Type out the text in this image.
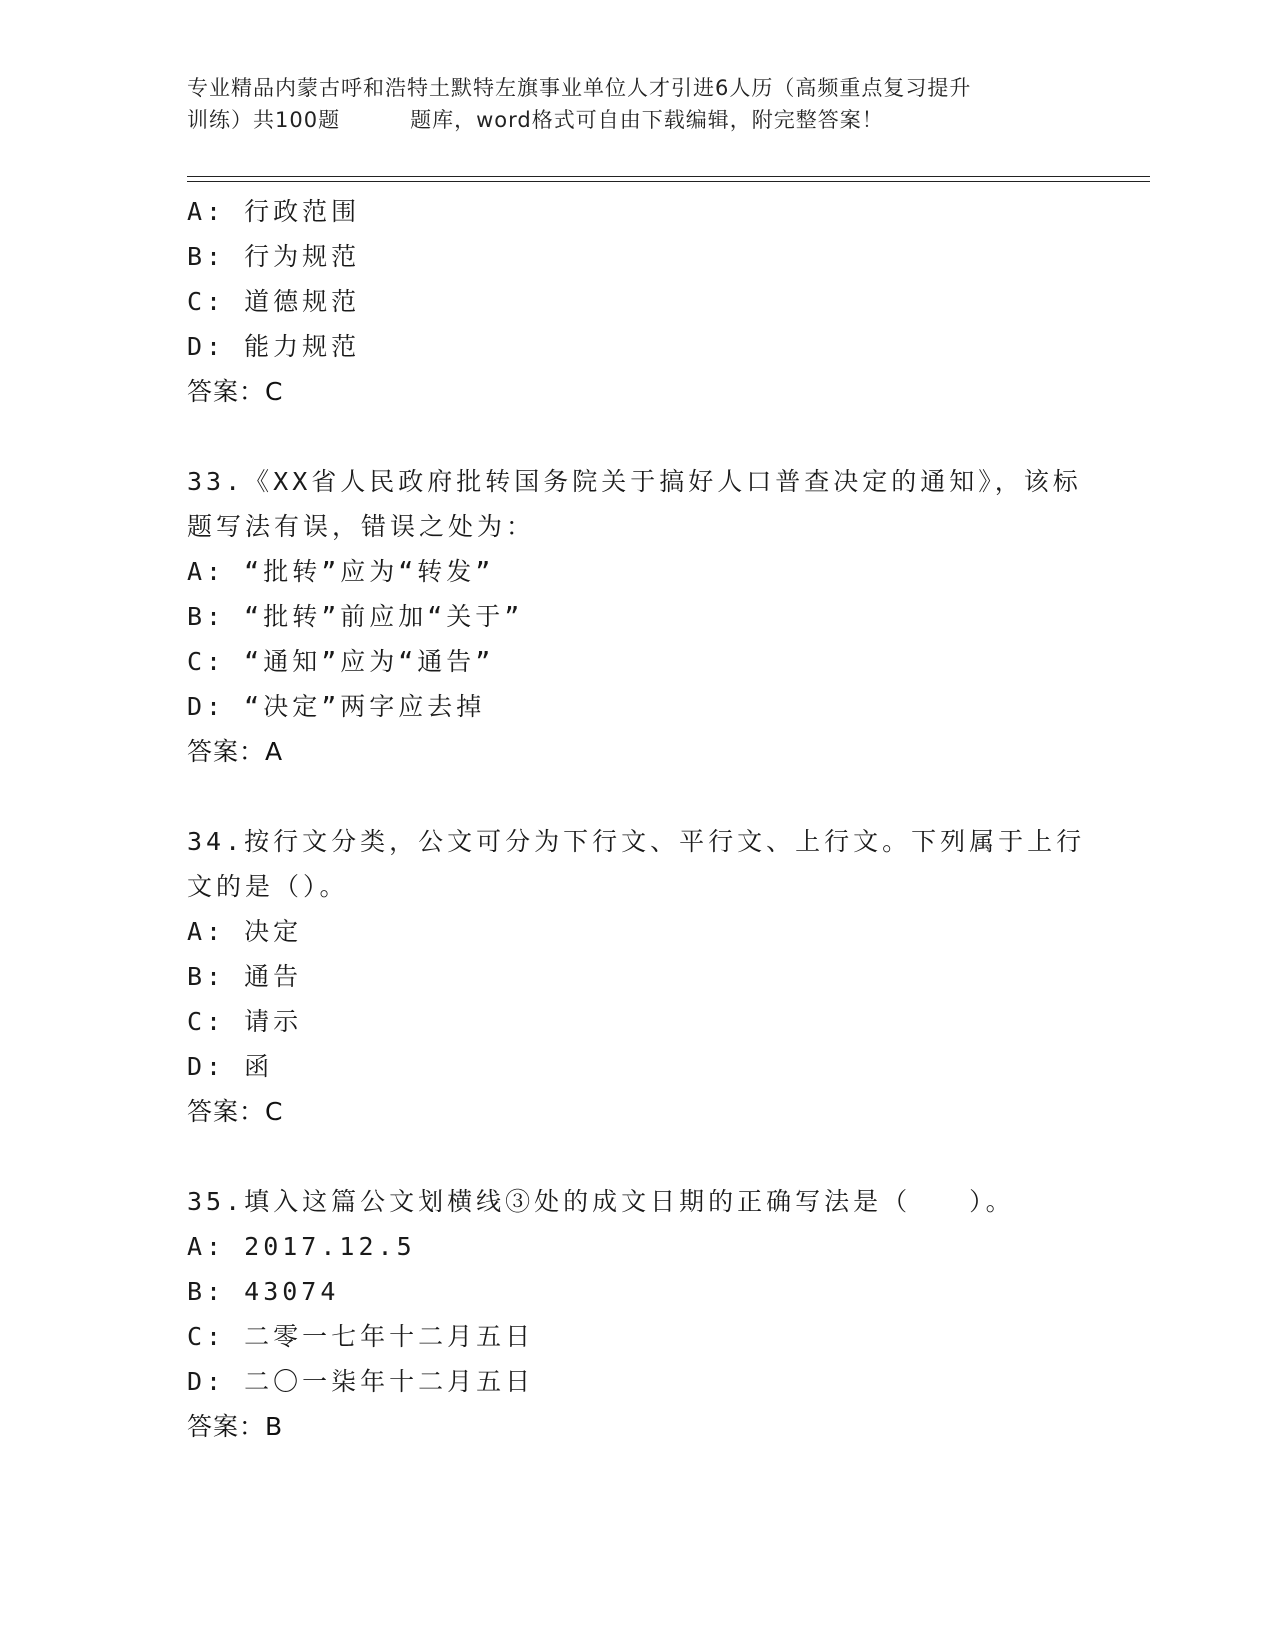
专业精品内蒙古呼和浩特土默特左旗事业单位人才引进6人历（高频重点复习提升
训练）共100题	题库，word格式可自由下载编辑，附完整答案！
A: 行政范围
B: 行为规范
C: 道德规范
D: 能力规范
答案：C
33.《XX省人民政府批转国务院关于搞好人口普查决定的通知》，该标
题写法有误，错误之处为：
A: “批转”应为“转发”
B: “批转”前应加“关于”
C: “通知”应为“通告”
D: “决定”两字应去掉
答案：A
34.按行文分类，公文可分为下行文、平行文、上行文。下列属于上行
文的是（）。
A: 决定
B: 通告
C: 请示
D: 函
答案：C
35.填入这篇公文划横线③处的成文日期的正确写法是（　　）。
A: 2017.12.5
B: 43074
C: 二零一七年十二月五日
D: 二〇一柒年十二月五日
答案：B
